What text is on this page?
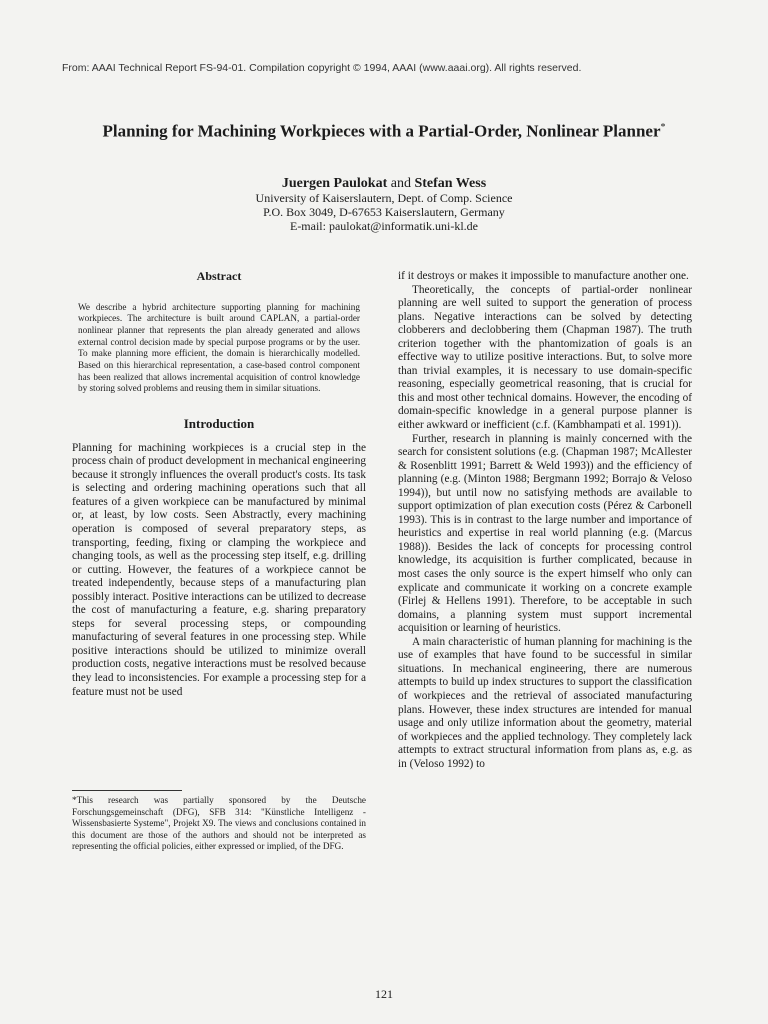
From: AAAI Technical Report FS-94-01. Compilation copyright © 1994, AAAI (www.aaai.org). All rights reserved.
Planning for Machining Workpieces with a Partial-Order, Nonlinear Planner*
Juergen Paulokat and Stefan Wess
University of Kaiserslautern, Dept. of Comp. Science
P.O. Box 3049, D-67653 Kaiserslautern, Germany
E-mail: paulokat@informatik.uni-kl.de

Abstract

We describe a hybrid architecture supporting planning for machining workpieces. The architecture is built around CAPLAN, a partial-order nonlinear planner that represents the plan already generated and allows external control decision made by special purpose programs or by the user. To make planning more efficient, the domain is hierarchically modelled. Based on this hierarchical representation, a case-based control component has been realized that allows incremental acquisition of control knowledge by storing solved problems and reusing them in similar situations.

Introduction

Planning for machining workpieces is a crucial step in the process chain of product development in mechanical engineering because it strongly influences the overall product's costs. Its task is selecting and ordering machining operations such that all features of a given workpiece can be manufactured by minimal or, at least, by low costs. Seen Abstractly, every machining operation is composed of several preparatory steps, as transporting, feeding, fixing or clamping the workpiece and changing tools, as well as the processing step itself, e.g. drilling or cutting. However, the features of a workpiece cannot be treated independently, because steps of a manufacturing plan possibly interact. Positive interactions can be utilized to decrease the cost of manufacturing a feature, e.g. sharing preparatory steps for several processing steps, or compounding manufacturing of several features in one processing step. While positive interactions should be utilized to minimize overall production costs, negative interactions must be resolved because they lead to inconsistencies. For example a processing step for a feature must not be used

*This research was partially sponsored by the Deutsche Forschungsgemeinschaft (DFG), SFB 314: "Künstliche Intelligenz - Wissensbasierte Systeme", Projekt X9. The views and conclusions contained in this document are those of the authors and should not be interpreted as representing the official policies, either expressed or implied, of the DFG.

if it destroys or makes it impossible to manufacture another one.

Theoretically, the concepts of partial-order nonlinear planning are well suited to support the generation of process plans. Negative interactions can be solved by detecting clobberers and declobbering them (Chapman 1987). The truth criterion together with the phantomization of goals is an effective way to utilize positive interactions. But, to solve more than trivial examples, it is necessary to use domain-specific reasoning, especially geometrical reasoning, that is crucial for this and most other technical domains. However, the encoding of domain-specific knowledge in a general purpose planner is either awkward or inefficient (c.f. (Kambhampati et al. 1991)).

Further, research in planning is mainly concerned with the search for consistent solutions (e.g. (Chapman 1987; McAllester & Rosenblitt 1991; Barrett & Weld 1993)) and the efficiency of planning (e.g. (Minton 1988; Bergmann 1992; Borrajo & Veloso 1994)), but until now no satisfying methods are available to support optimization of plan execution costs (Pérez & Carbonell 1993). This is in contrast to the large number and importance of heuristics and expertise in real world planning (e.g. (Marcus 1988)). Besides the lack of concepts for processing control knowledge, its acquisition is further complicated, because in most cases the only source is the expert himself who only can explicate and communicate it working on a concrete example (Firlej & Hellens 1991). Therefore, to be acceptable in such domains, a planning system must support incremental acquisition or learning of heuristics.

A main characteristic of human planning for machining is the use of examples that have found to be successful in similar situations. In mechanical engineering, there are numerous attempts to build up index structures to support the classification of workpieces and the retrieval of associated manufacturing plans. However, these index structures are intended for manual usage and only utilize information about the geometry, material of workpieces and the applied technology. They completely lack attempts to extract structural information from plans as, e.g. as in (Veloso 1992) to

121
